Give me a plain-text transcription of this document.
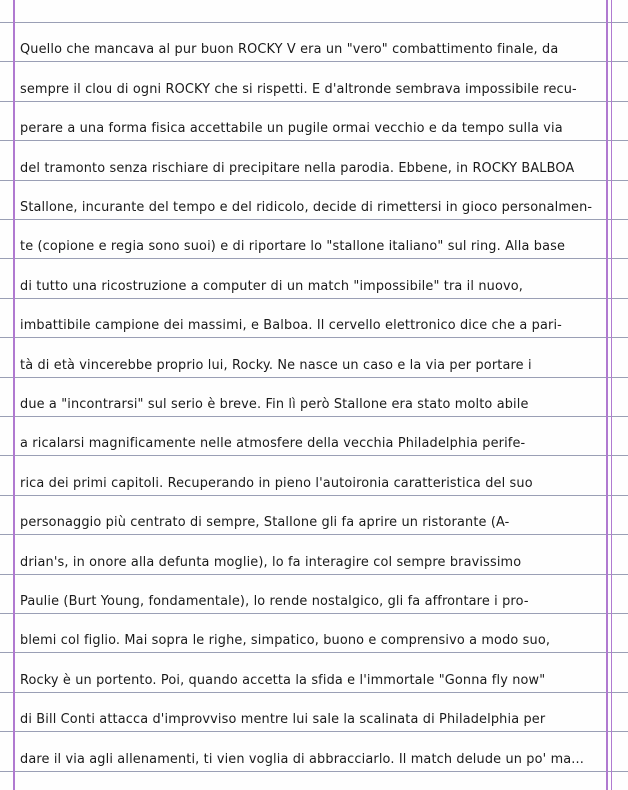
Quello che mancava al pur buon ROCKY V era un "vero" combattimento finale, da
sempre il clou di ogni ROCKY che si rispetti. E d'altronde sembrava impossibile recu-
perare a una forma fisica accettabile un pugile ormai vecchio e da tempo sulla via
del tramonto senza rischiare di precipitare nella parodia. Ebbene, in ROCKY BALBOA
Stallone, incurante del tempo e del ridicolo, decide di rimettersi in gioco personalmen-
te (copione e regia sono suoi) e di riportare lo "stallone italiano" sul ring. Alla base
di tutto una ricostruzione a computer di un match "impossibile" tra il nuovo,
imbattibile campione dei massimi, e Balboa. Il cervello elettronico dice che a pari-
tà di età vincerebbe proprio lui, Rocky. Ne nasce un caso e la via per portare i
due a "incontrarsi" sul serio è breve. Fin lì però Stallone era stato molto abile
a ricalarsi magnificamente nelle atmosfere della vecchia Philadelphia perife-
rica dei primi capitoli. Recuperando in pieno l'autoironia caratteristica del suo
personaggio più centrato di sempre, Stallone gli fa aprire un ristorante (A-
drian's, in onore alla defunta moglie), lo fa interagire col sempre bravissimo
Paulie (Burt Young, fondamentale), lo rende nostalgico, gli fa affrontare i pro-
blemi col figlio. Mai sopra le righe, simpatico, buono e comprensivo a modo suo,
Rocky è un portento. Poi, quando accetta la sfida e l'immortale "Gonna fly now"
di Bill Conti attacca d'improvviso mentre lui sale la scalinata di Philadelphia per
dare il via agli allenamenti, ti vien voglia di abbracciarlo. Il match delude un po' ma...
